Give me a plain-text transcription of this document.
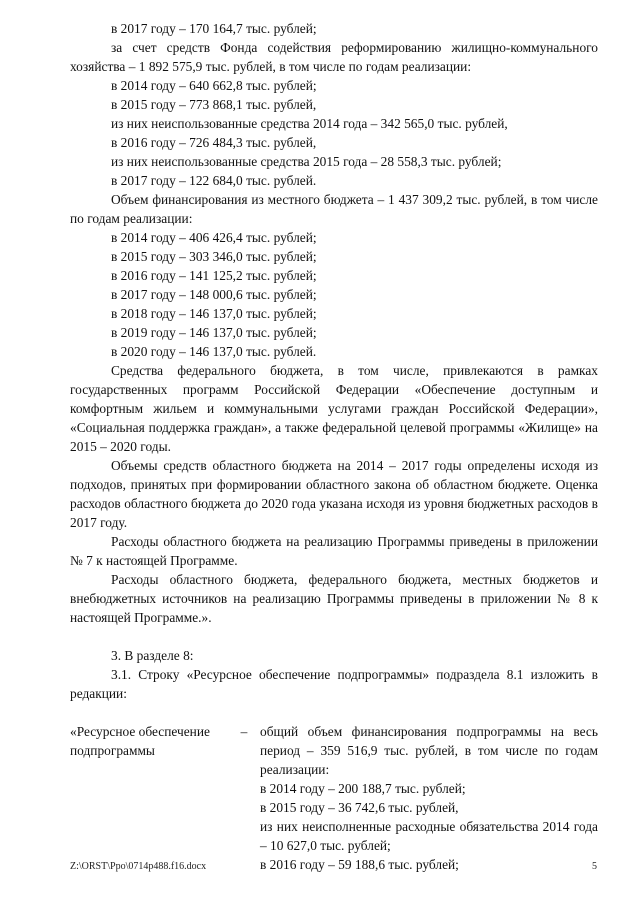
в 2017 году – 170 164,7 тыс. рублей;

за счет средств Фонда содействия реформированию жилищно-коммунального хозяйства – 1 892 575,9 тыс. рублей, в том числе по годам реализации:

в 2014 году – 640 662,8 тыс. рублей;

в 2015 году – 773 868,1 тыс. рублей,

из них неиспользованные средства 2014 года – 342 565,0 тыс. рублей,

в 2016 году – 726 484,3 тыс. рублей,

из них неиспользованные средства 2015 года – 28 558,3 тыс. рублей;

в 2017 году – 122 684,0 тыс. рублей.

Объем финансирования из местного бюджета – 1 437 309,2 тыс. рублей, в том числе по годам реализации:

в 2014 году – 406 426,4 тыс. рублей;

в 2015 году – 303 346,0 тыс. рублей;

в 2016 году – 141 125,2 тыс. рублей;

в 2017 году – 148 000,6 тыс. рублей;

в 2018 году – 146 137,0 тыс. рублей;

в 2019 году – 146 137,0 тыс. рублей;

в 2020 году – 146 137,0 тыс. рублей.

Средства федерального бюджета, в том числе, привлекаются в рамках государственных программ Российской Федерации «Обеспечение доступным и комфортным жильем и коммунальными услугами граждан Российской Федерации», «Социальная поддержка граждан», а также федеральной целевой программы «Жилище» на 2015 – 2020 годы.

Объемы средств областного бюджета на 2014 – 2017 годы определены исходя из подходов, принятых при формировании областного закона об областном бюджете. Оценка расходов областного бюджета до 2020 года указана исходя из уровня бюджетных расходов в 2017 году.

Расходы областного бюджета на реализацию Программы приведены в приложении № 7 к настоящей Программе.

Расходы областного бюджета, федерального бюджета, местных бюджетов и внебюджетных источников на реализацию Программы приведены в приложении № 8 к настоящей Программе.».

3. В разделе 8:

3.1. Строку «Ресурсное обеспечение подпрограммы» подраздела 8.1 изложить в редакции:

«Ресурсное обеспечение подпрограммы
– общий объем финансирования подпрограммы на весь период – 359 516,9 тыс. рублей, в том числе по годам реализации:

в 2014 году – 200 188,7 тыс. рублей;

в 2015 году – 36 742,6 тыс. рублей,

из них неисполненные расходные обязательства 2014 года – 10 627,0 тыс. рублей;

в 2016 году – 59 188,6 тыс. рублей;

Z:\ORST\Ppo\0714p488.f16.docx	5
